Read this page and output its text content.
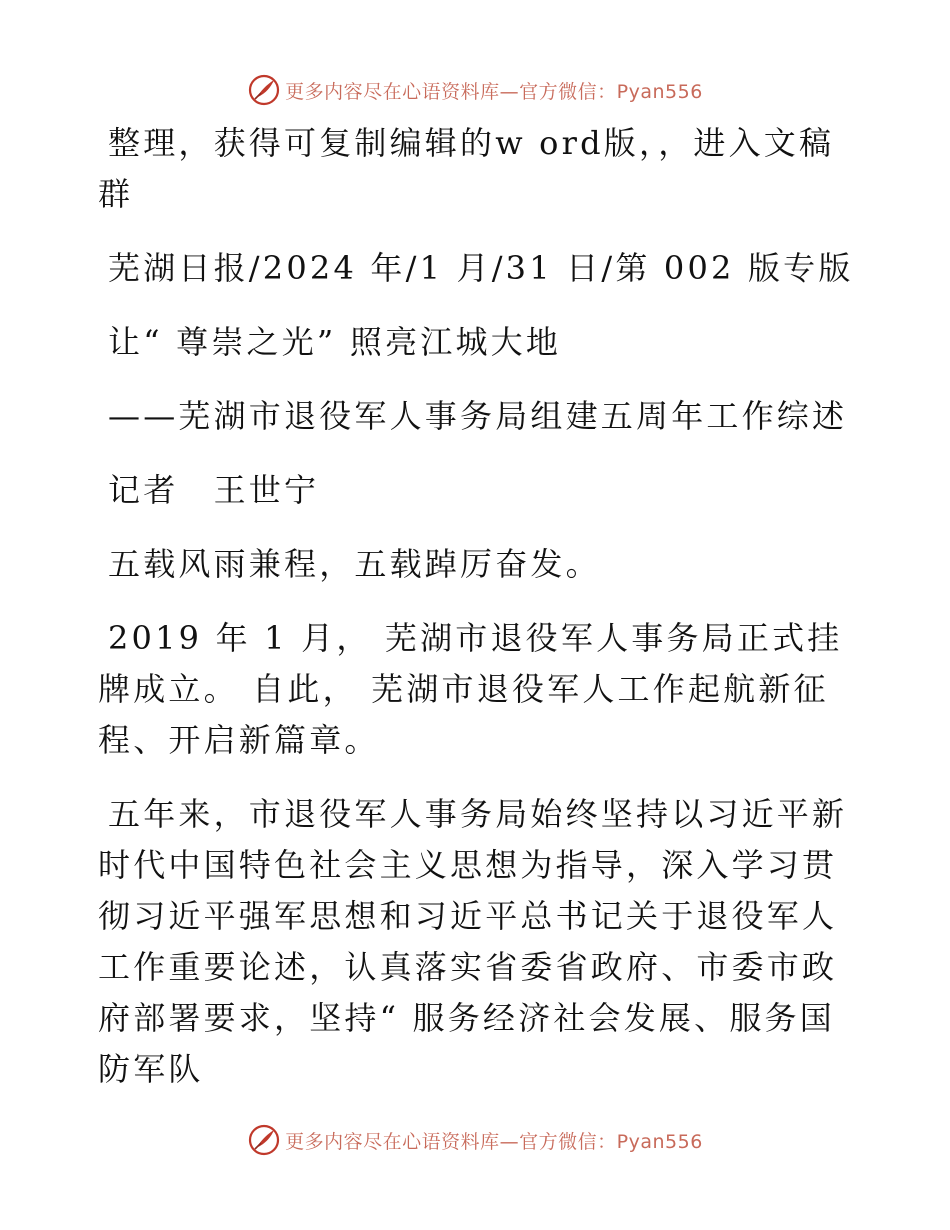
更多内容尽在心语资料库—官方微信：Pyan556

整理，获得可复制编辑的w ord版，，进入文稿群

芜湖日报/2024 年/1 月/31 日/第 002 版专版

让“ 尊崇之光” 照亮江城大地

——芜湖市退役军人事务局组建五周年工作综述

记者　王世宁

五载风雨兼程，五载踔厉奋发。

2019 年 1 月， 芜湖市退役军人事务局正式挂牌成立。 自此， 芜湖市退役军人工作起航新征程、开启新篇章。

五年来，市退役军人事务局始终坚持以习近平新时代中国特色社会主义思想为指导，深入学习贯彻习近平强军思想和习近平总书记关于退役军人工作重要论述，认真落实省委省政府、市委市政府部署要求，坚持“ 服务经济社会发展、服务国防军队

更多内容尽在心语资料库—官方微信：Pyan556
